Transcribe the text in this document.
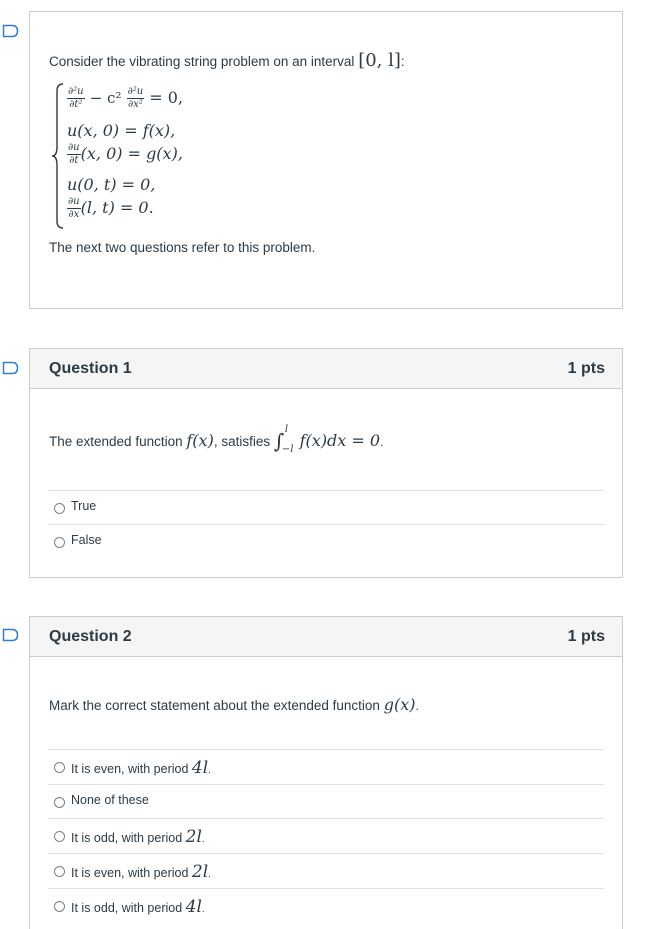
Consider the vibrating string problem on an interval [0, l]:
$\frac{\text{∂²u}}{\text{∂t²}} - c^2 \frac{\text{∂²u}}{\text{∂x²}} = 0$,
u(x, 0) = f(x),
$\frac{\partial u}{\partial t} (x$, 0) = g(x),
u(0, t) = 0,
$\frac{\partial u}{\partial x} (l$, t) = 0.
The next two questions refer to this problem.
Question 1	1 pts
The extended function f(x), satisfies ∫ l
−l f(x)dx = 0.
True
False
Question 2	1 pts
Mark the correct statement about the extended function g(x).
It is even, with period 4l.
None of these
It is odd, with period 2l.
It is even, with period 2l.
It is odd, with period 4l.
